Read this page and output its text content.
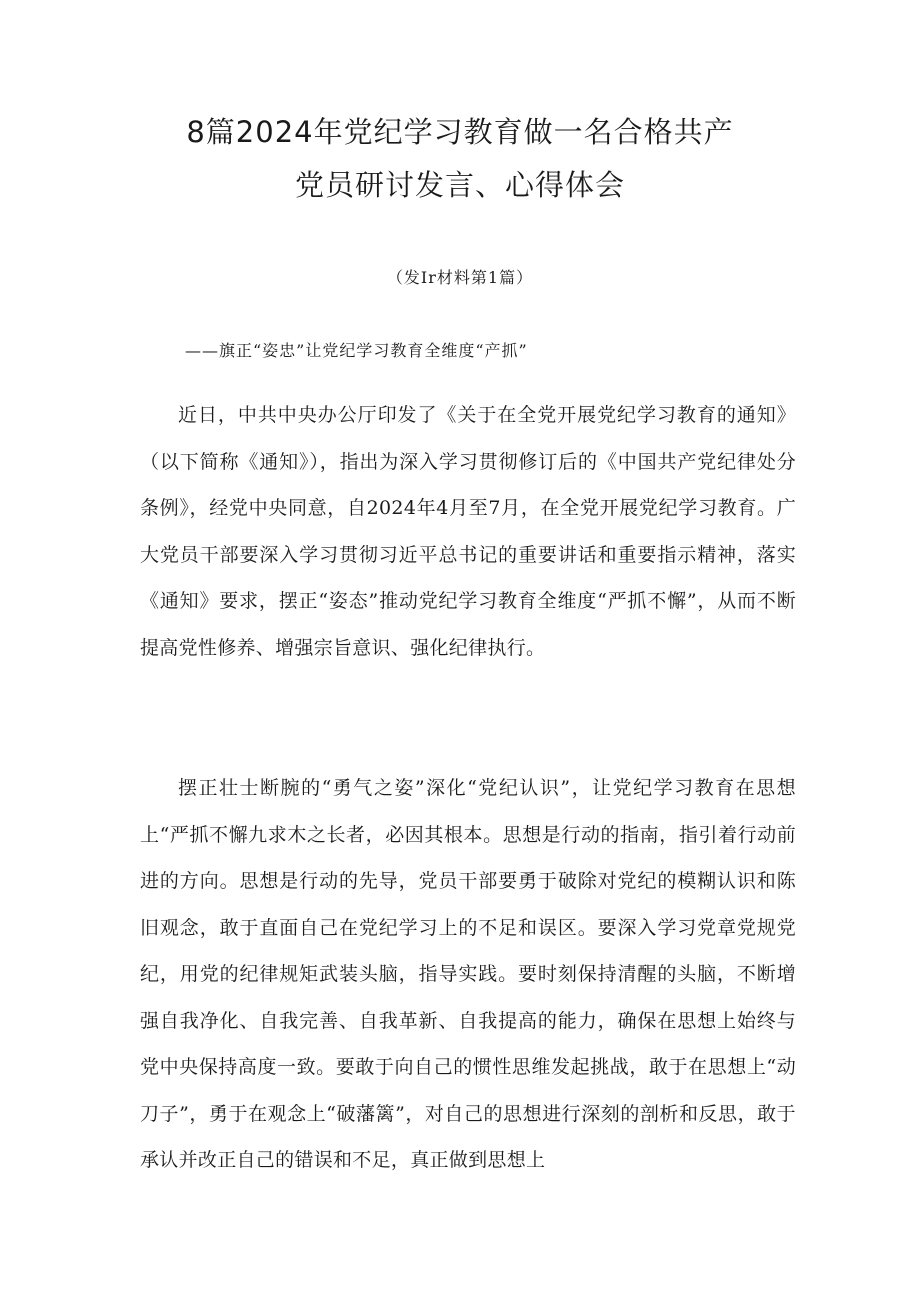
8篇2024年党纪学习教育做一名合格共产
党员研讨发言、心得体会

（发Ir材料第1篇）

——旗正“姿忠”让党纪学习教育全维度“产抓”

近日，中共中央办公厅印发了《关于在全党开展党纪学习教育的通知》（以下简称《通知》），指出为深入学习贯彻修订后的《中国共产党纪律处分条例》，经党中央同意，自2024年4月至7月，在全党开展党纪学习教育。广大党员干部要深入学习贯彻习近平总书记的重要讲话和重要指示精神，落实《通知》要求，摆正“姿态”推动党纪学习教育全维度“严抓不懈”，从而不断提高党性修养、增强宗旨意识、强化纪律执行。

摆正壮士断腕的“勇气之姿”深化“党纪认识”，让党纪学习教育在思想上“严抓不懈九求木之长者，必因其根本。思想是行动的指南，指引着行动前进的方向。思想是行动的先导，党员干部要勇于破除对党纪的模糊认识和陈旧观念，敢于直面自己在党纪学习上的不足和误区。要深入学习党章党规党纪，用党的纪律规矩武装头脑，指导实践。要时刻保持清醒的头脑，不断增强自我净化、自我完善、自我革新、自我提高的能力，确保在思想上始终与党中央保持高度一致。要敢于向自己的惯性思维发起挑战，敢于在思想上“动刀子”，勇于在观念上“破藩篱”，对自己的思想进行深刻的剖析和反思，敢于承认并改正自己的错误和不足，真正做到思想上
